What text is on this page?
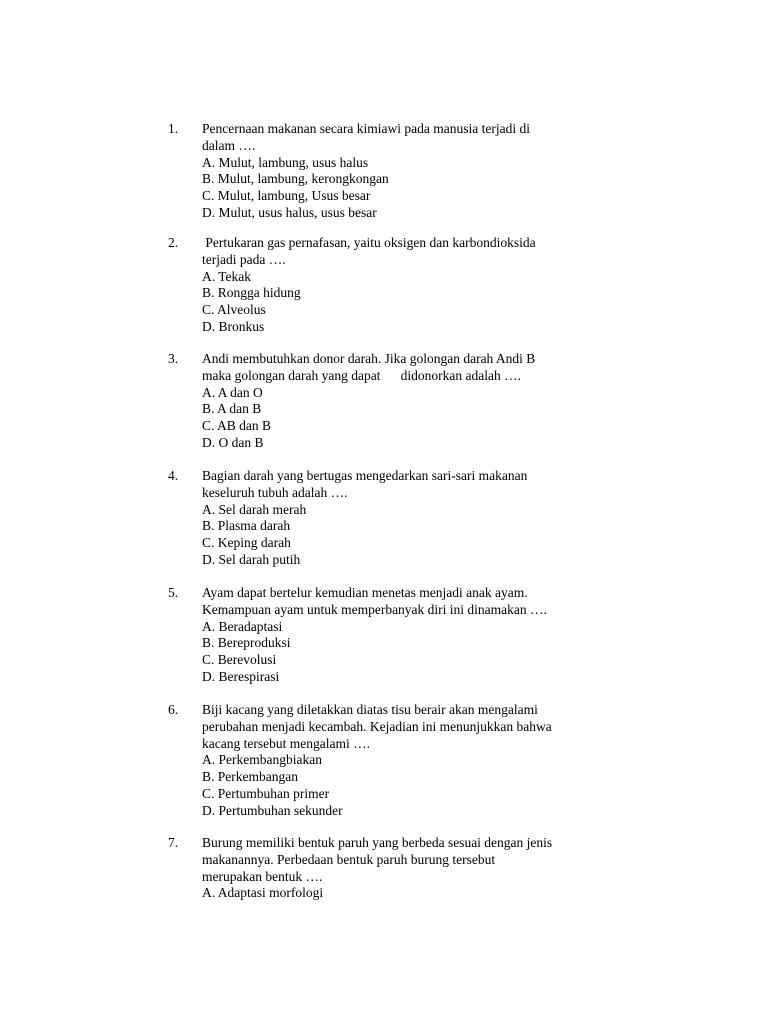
1. Pencernaan makanan secara kimiawi pada manusia terjadi di
dalam ….
A. Mulut, lambung, usus halus
B. Mulut, lambung, kerongkongan
C. Mulut, lambung, Usus besar
D. Mulut, usus halus, usus besar
2. Pertukaran gas pernafasan, yaitu oksigen dan karbondioksida
terjadi pada ….
A. Tekak
B. Rongga hidung
C. Alveolus
D. Bronkus
3. Andi membutuhkan donor darah. Jika golongan darah Andi B
maka golongan darah yang dapat      didonorkan adalah ….
A. A dan O
B. A dan B
C. AB dan B
D. O dan B
4. Bagian darah yang bertugas mengedarkan sari-sari makanan
keseluruh tubuh adalah ….
A. Sel darah merah
B. Plasma darah
C. Keping darah
D. Sel darah putih
5. Ayam dapat bertelur kemudian menetas menjadi anak ayam.
Kemampuan ayam untuk memperbanyak diri ini dinamakan ….
A. Beradaptasi
B. Bereproduksi
C. Berevolusi
D. Berespirasi
6. Biji kacang yang diletakkan diatas tisu berair akan mengalami
perubahan menjadi kecambah. Kejadian ini menunjukkan bahwa
kacang tersebut mengalami ….
A. Perkembangbiakan
B. Perkembangan
C. Pertumbuhan primer
D. Pertumbuhan sekunder
7. Burung memiliki bentuk paruh yang berbeda sesuai dengan jenis
makanannya. Perbedaan bentuk paruh burung tersebut
merupakan bentuk ….
A. Adaptasi morfologi
